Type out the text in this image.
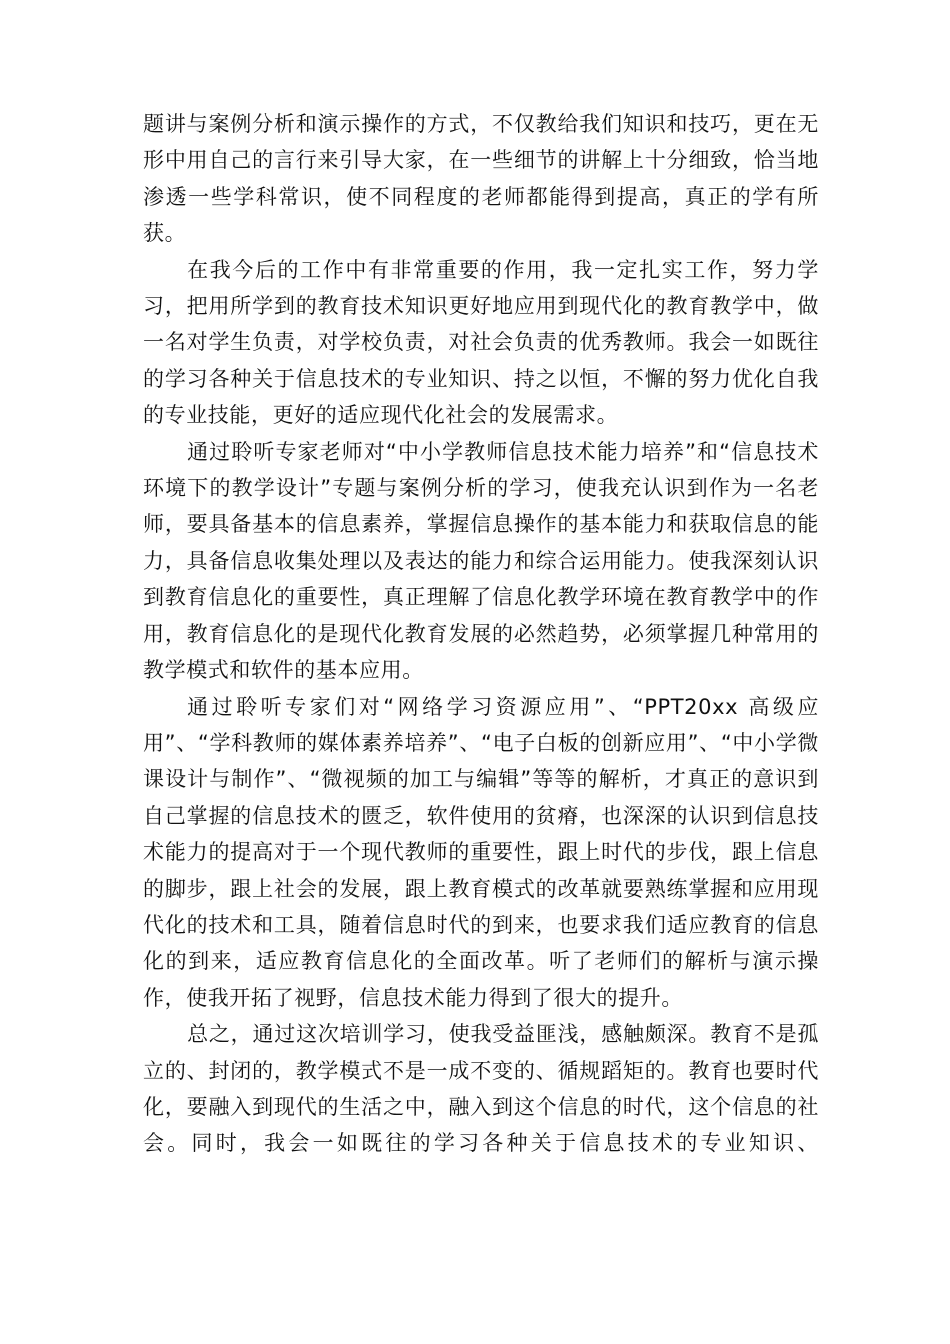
题讲与案例分析和演示操作的方式，不仅教给我们知识和技巧，更在无形中用自己的言行来引导大家，在一些细节的讲解上十分细致，恰当地渗透一些学科常识，使不同程度的老师都能得到提高，真正的学有所获。

在我今后的工作中有非常重要的作用，我一定扎实工作，努力学习，把用所学到的教育技术知识更好地应用到现代化的教育教学中，做一名对学生负责，对学校负责，对社会负责的优秀教师。我会一如既往的学习各种关于信息技术的专业知识、持之以恒，不懈的努力优化自我的专业技能，更好的适应现代化社会的发展需求。

通过聆听专家老师对“中小学教师信息技术能力培养”和“信息技术环境下的教学设计”专题与案例分析的学习，使我充认识到作为一名老师，要具备基本的信息素养，掌握信息操作的基本能力和获取信息的能力，具备信息收集处理以及表达的能力和综合运用能力。使我深刻认识到教育信息化的重要性，真正理解了信息化教学环境在教育教学中的作用，教育信息化的是现代化教育发展的必然趋势，必须掌握几种常用的教学模式和软件的基本应用。

通过聆听专家们对“网络学习资源应用”、“PPT20xx 高级应用”、“学科教师的媒体素养培养”、“电子白板的创新应用”、“中小学微课设计与制作”、“微视频的加工与编辑”等等的解析，才真正的意识到自己掌握的信息技术的匮乏，软件使用的贫瘠，也深深的认识到信息技术能力的提高对于一个现代教师的重要性，跟上时代的步伐，跟上信息的脚步，跟上社会的发展，跟上教育模式的改革就要熟练掌握和应用现代化的技术和工具，随着信息时代的到来，也要求我们适应教育的信息化的到来，适应教育信息化的全面改革。听了老师们的解析与演示操作，使我开拓了视野，信息技术能力得到了很大的提升。

总之，通过这次培训学习，使我受益匪浅，感触颇深。教育不是孤立的、封闭的，教学模式不是一成不变的、循规蹈矩的。教育也要时代化，要融入到现代的生活之中，融入到这个信息的时代，这个信息的社会。同时，我会一如既往的学习各种关于信息技术的专业知识、
